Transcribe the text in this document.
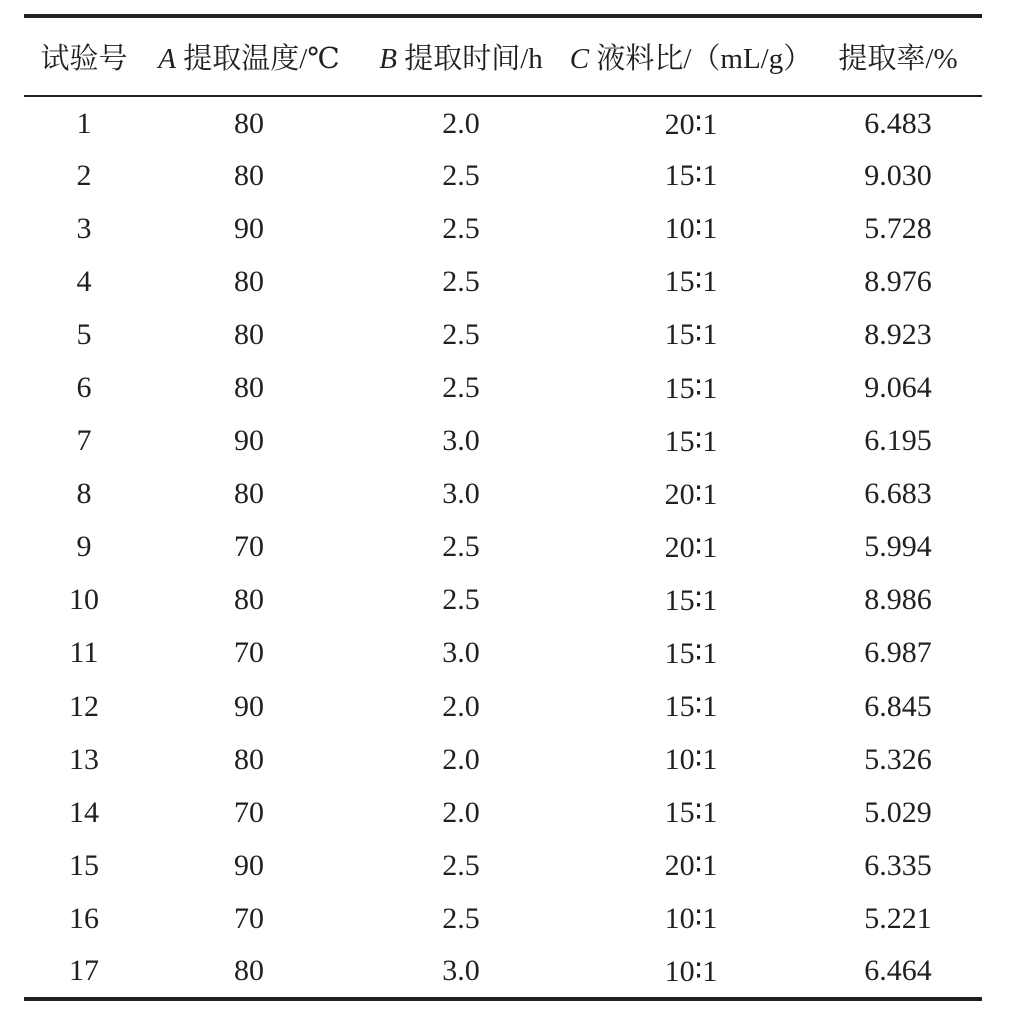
试验号	A 提取温度/℃	B 提取时间/h	C 液料比/（mL/g）	提取率/%
1	80	2.0	20∶1	6.483
2	80	2.5	15∶1	9.030
3	90	2.5	10∶1	5.728
4	80	2.5	15∶1	8.976
5	80	2.5	15∶1	8.923
6	80	2.5	15∶1	9.064
7	90	3.0	15∶1	6.195
8	80	3.0	20∶1	6.683
9	70	2.5	20∶1	5.994
10	80	2.5	15∶1	8.986
11	70	3.0	15∶1	6.987
12	90	2.0	15∶1	6.845
13	80	2.0	10∶1	5.326
14	70	2.0	15∶1	5.029
15	90	2.5	20∶1	6.335
16	70	2.5	10∶1	5.221
17	80	3.0	10∶1	6.464
